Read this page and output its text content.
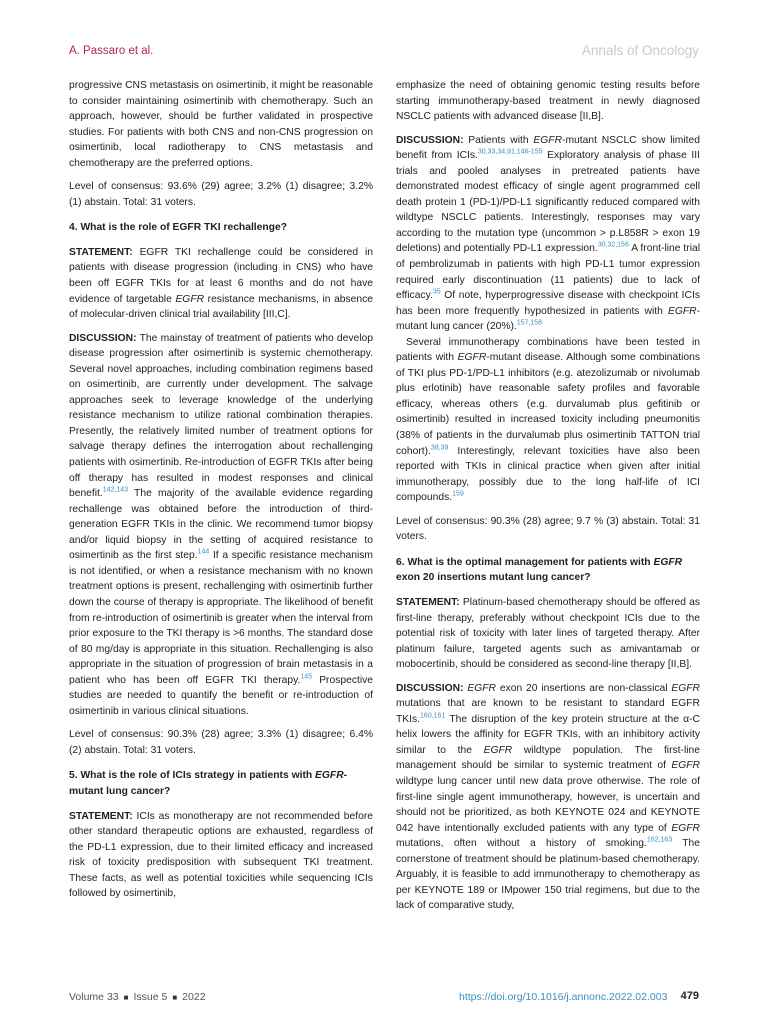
A. Passaro et al.	Annals of Oncology

progressive CNS metastasis on osimertinib, it might be reasonable to consider maintaining osimertinib with chemotherapy. Such an approach, however, should be further validated in prospective studies. For patients with both CNS and non-CNS progression on osimertinib, local radiotherapy to CNS metastasis and chemotherapy are the preferred options.

Level of consensus: 93.6% (29) agree; 3.2% (1) disagree; 3.2% (1) abstain. Total: 31 voters.

4. What is the role of EGFR TKI rechallenge?

STATEMENT: EGFR TKI rechallenge could be considered in patients with disease progression (including in CNS) who have been off EGFR TKIs for at least 6 months and do not have evidence of targetable EGFR resistance mechanisms, in absence of molecular-driven clinical trial availability [III,C].

DISCUSSION: The mainstay of treatment of patients who develop disease progression after osimertinib is systemic chemotherapy. Several novel approaches, including combination regimens based on osimertinib, are currently under development. The salvage approaches seek to leverage knowledge of the underlying resistance mechanism to utilize rational combination therapies. Presently, the relatively limited number of treatment options for salvage therapy defines the interrogation about rechallenging patients with osimertinib. Re-introduction of EGFR TKIs after being off therapy has resulted in modest responses and clinical benefit.$^{142,143}$ The majority of the available evidence regarding rechallenge was obtained before the introduction of third-generation EGFR TKIs in the clinic. We recommend tumor biopsy and/or liquid biopsy in the setting of acquired resistance to osimertinib as the first step.$^{144}$ If a specific resistance mechanism is not identified, or when a resistance mechanism with no known treatment options is present, rechallenging with osimertinib further down the course of therapy is appropriate. The likelihood of benefit from re-introduction of osimertinib is greater when the interval from prior exposure to the TKI therapy is >6 months. The standard dose of 80 mg/day is appropriate in this situation. Rechallenging is also appropriate in the situation of progression of brain metastasis in a patient who has been off EGFR TKI therapy.$^{145}$ Prospective studies are needed to quantify the benefit or re-introduction of osimertinib in various clinical situations.

Level of consensus: 90.3% (28) agree; 3.3% (1) disagree; 6.4% (2) abstain. Total: 31 voters.

5. What is the role of ICIs strategy in patients with EGFR-mutant lung cancer?

STATEMENT: ICIs as monotherapy are not recommended before other standard therapeutic options are exhausted, regardless of the PD-L1 expression, due to their limited efficacy and increased risk of toxicity predisposition with subsequent TKI treatment. These facts, as well as potential toxicities while sequencing ICIs followed by osimertinib,

emphasize the need of obtaining genomic testing results before starting immunotherapy-based treatment in newly diagnosed NSCLC patients with advanced disease [II,B].

DISCUSSION: Patients with EGFR-mutant NSCLC show limited benefit from ICIs.$^{30,33,34,91,146-155}$ Exploratory analysis of phase III trials and pooled analyses in pretreated patients have demonstrated modest efficacy of single agent programmed cell death protein 1 (PD-1)/PD-L1 significantly reduced compared with wildtype NSCLC patients. Interestingly, responses may vary according to the mutation type (uncommon > p.L858R > exon 19 deletions) and potentially PD-L1 expression.$^{30,32,156}$ A front-line trial of pembrolizumab in patients with high PD-L1 tumor expression required early discontinuation (11 patients) due to lack of efficacy.$^{35}$ Of note, hyperprogressive disease with checkpoint ICIs has been more frequently hypothesized in patients with EGFR-mutant lung cancer (20%).$^{157,158}$

Several immunotherapy combinations have been tested in patients with EGFR-mutant disease. Although some combinations of TKI plus PD-1/PD-L1 inhibitors (e.g. atezolizumab or nivolumab plus erlotinib) have reasonable safety profiles and favorable efficacy, whereas others (e.g. durvalumab plus gefitinib or osimertinib) resulted in increased toxicity including pneumonitis (38% of patients in the durvalumab plus osimertinib TATTON trial cohort).$^{38,39}$ Interestingly, relevant toxicities have also been reported with TKIs in clinical practice when given after initial immunotherapy, possibly due to the long half-life of ICI compounds.$^{159}$

Level of consensus: 90.3% (28) agree; 9.7 % (3) abstain. Total: 31 voters.

6. What is the optimal management for patients with EGFR exon 20 insertions mutant lung cancer?

STATEMENT: Platinum-based chemotherapy should be offered as first-line therapy, preferably without checkpoint ICIs due to the potential risk of toxicity with later lines of targeted therapy. After platinum failure, targeted agents such as amivantamab or mobocertinib, should be considered as second-line therapy [II,B].

DISCUSSION: EGFR exon 20 insertions are non-classical EGFR mutations that are known to be resistant to standard EGFR TKIs.$^{160,161}$ The disruption of the key protein structure at the α-C helix lowers the affinity for EGFR TKIs, with an inhibitory activity similar to the EGFR wildtype population. The first-line management should be similar to systemic treatment of EGFR wildtype lung cancer until new data prove otherwise. The role of first-line single agent immunotherapy, however, is uncertain and should not be prioritized, as both KEYNOTE 024 and KEYNOTE 042 have intentionally excluded patients with any type of EGFR mutations, often without a history of smoking.$^{162,163}$ The cornerstone of treatment should be platinum-based chemotherapy. Arguably, it is feasible to add immunotherapy to chemotherapy as per KEYNOTE 189 or IMpower 150 trial regimens, but due to the lack of comparative study,

Volume 33 ■ Issue 5 ■ 2022	https://doi.org/10.1016/j.annonc.2022.02.003 479
